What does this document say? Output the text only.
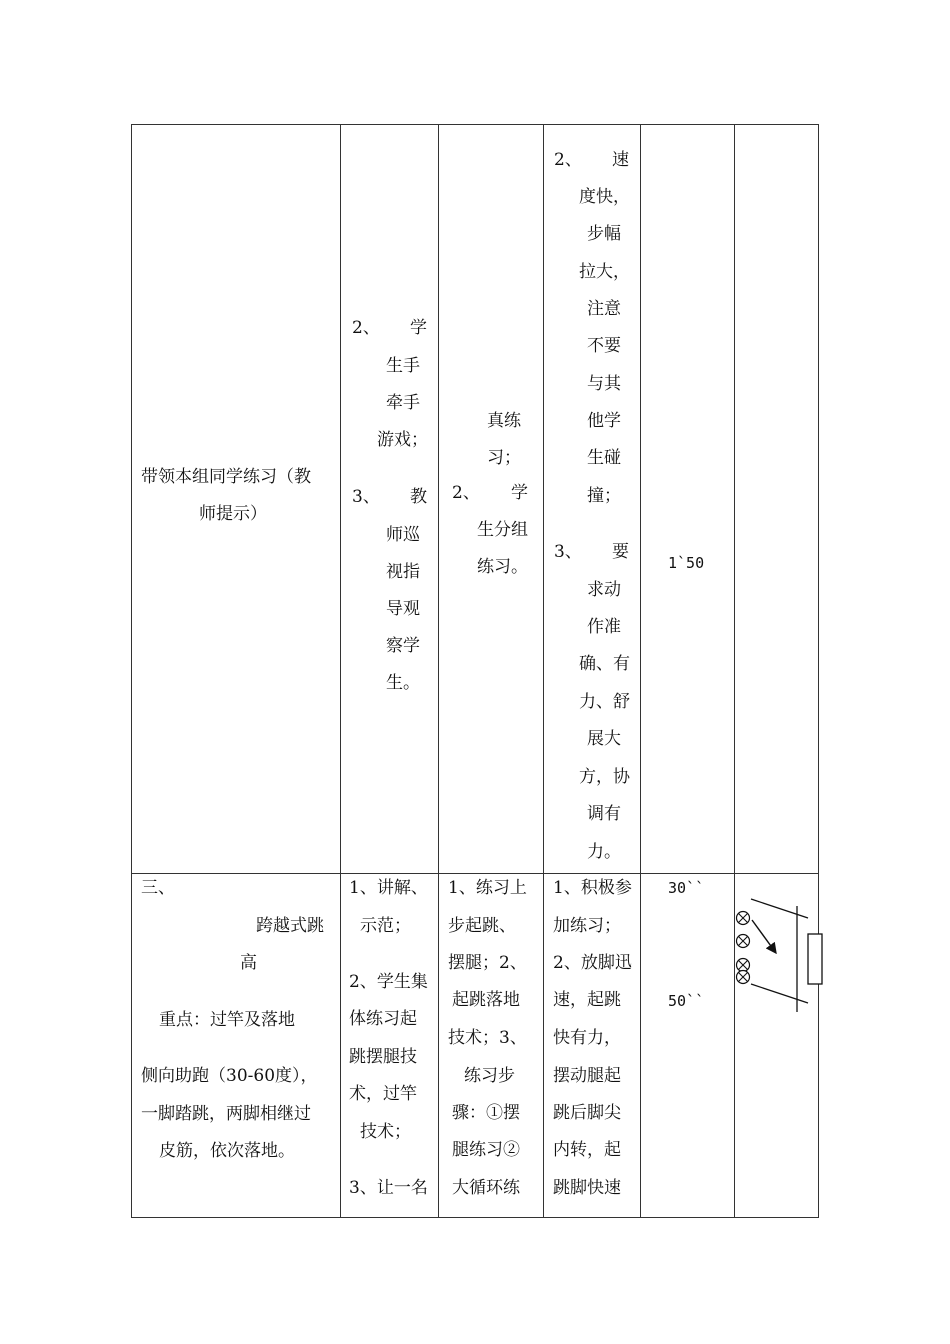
带领本组同学练习（教
师提示）
2、 学
生手
牵手
游戏；
3、 教
师巡
视指
导观
察学
生。
真练
习；
2、 学
生分组
练习。
2、 速
度快，
步幅
拉大，
注意
不要
与其
他学
生碰
撞；
3、 要
求动
作准
确、有
力、舒
展大
方，协
调有
力。
1`50
三、
跨越式跳
高
重点：过竿及落地
侧向助跑（30-60度），
一脚踏跳，两脚相继过
皮筋，依次落地。
1、讲解、
示范；
2、学生集
体练习起
跳摆腿技
术，过竿
技术；
3、让一名
1、练习上
步起跳、
摆腿；2、
起跳落地
技术；3、
练习步
骤：①摆
腿练习②
大循环练
1、积极参
加练习；
2、放脚迅
速，起跳
快有力，
摆动腿起
跳后脚尖
内转，起
跳脚快速
30``
50``
